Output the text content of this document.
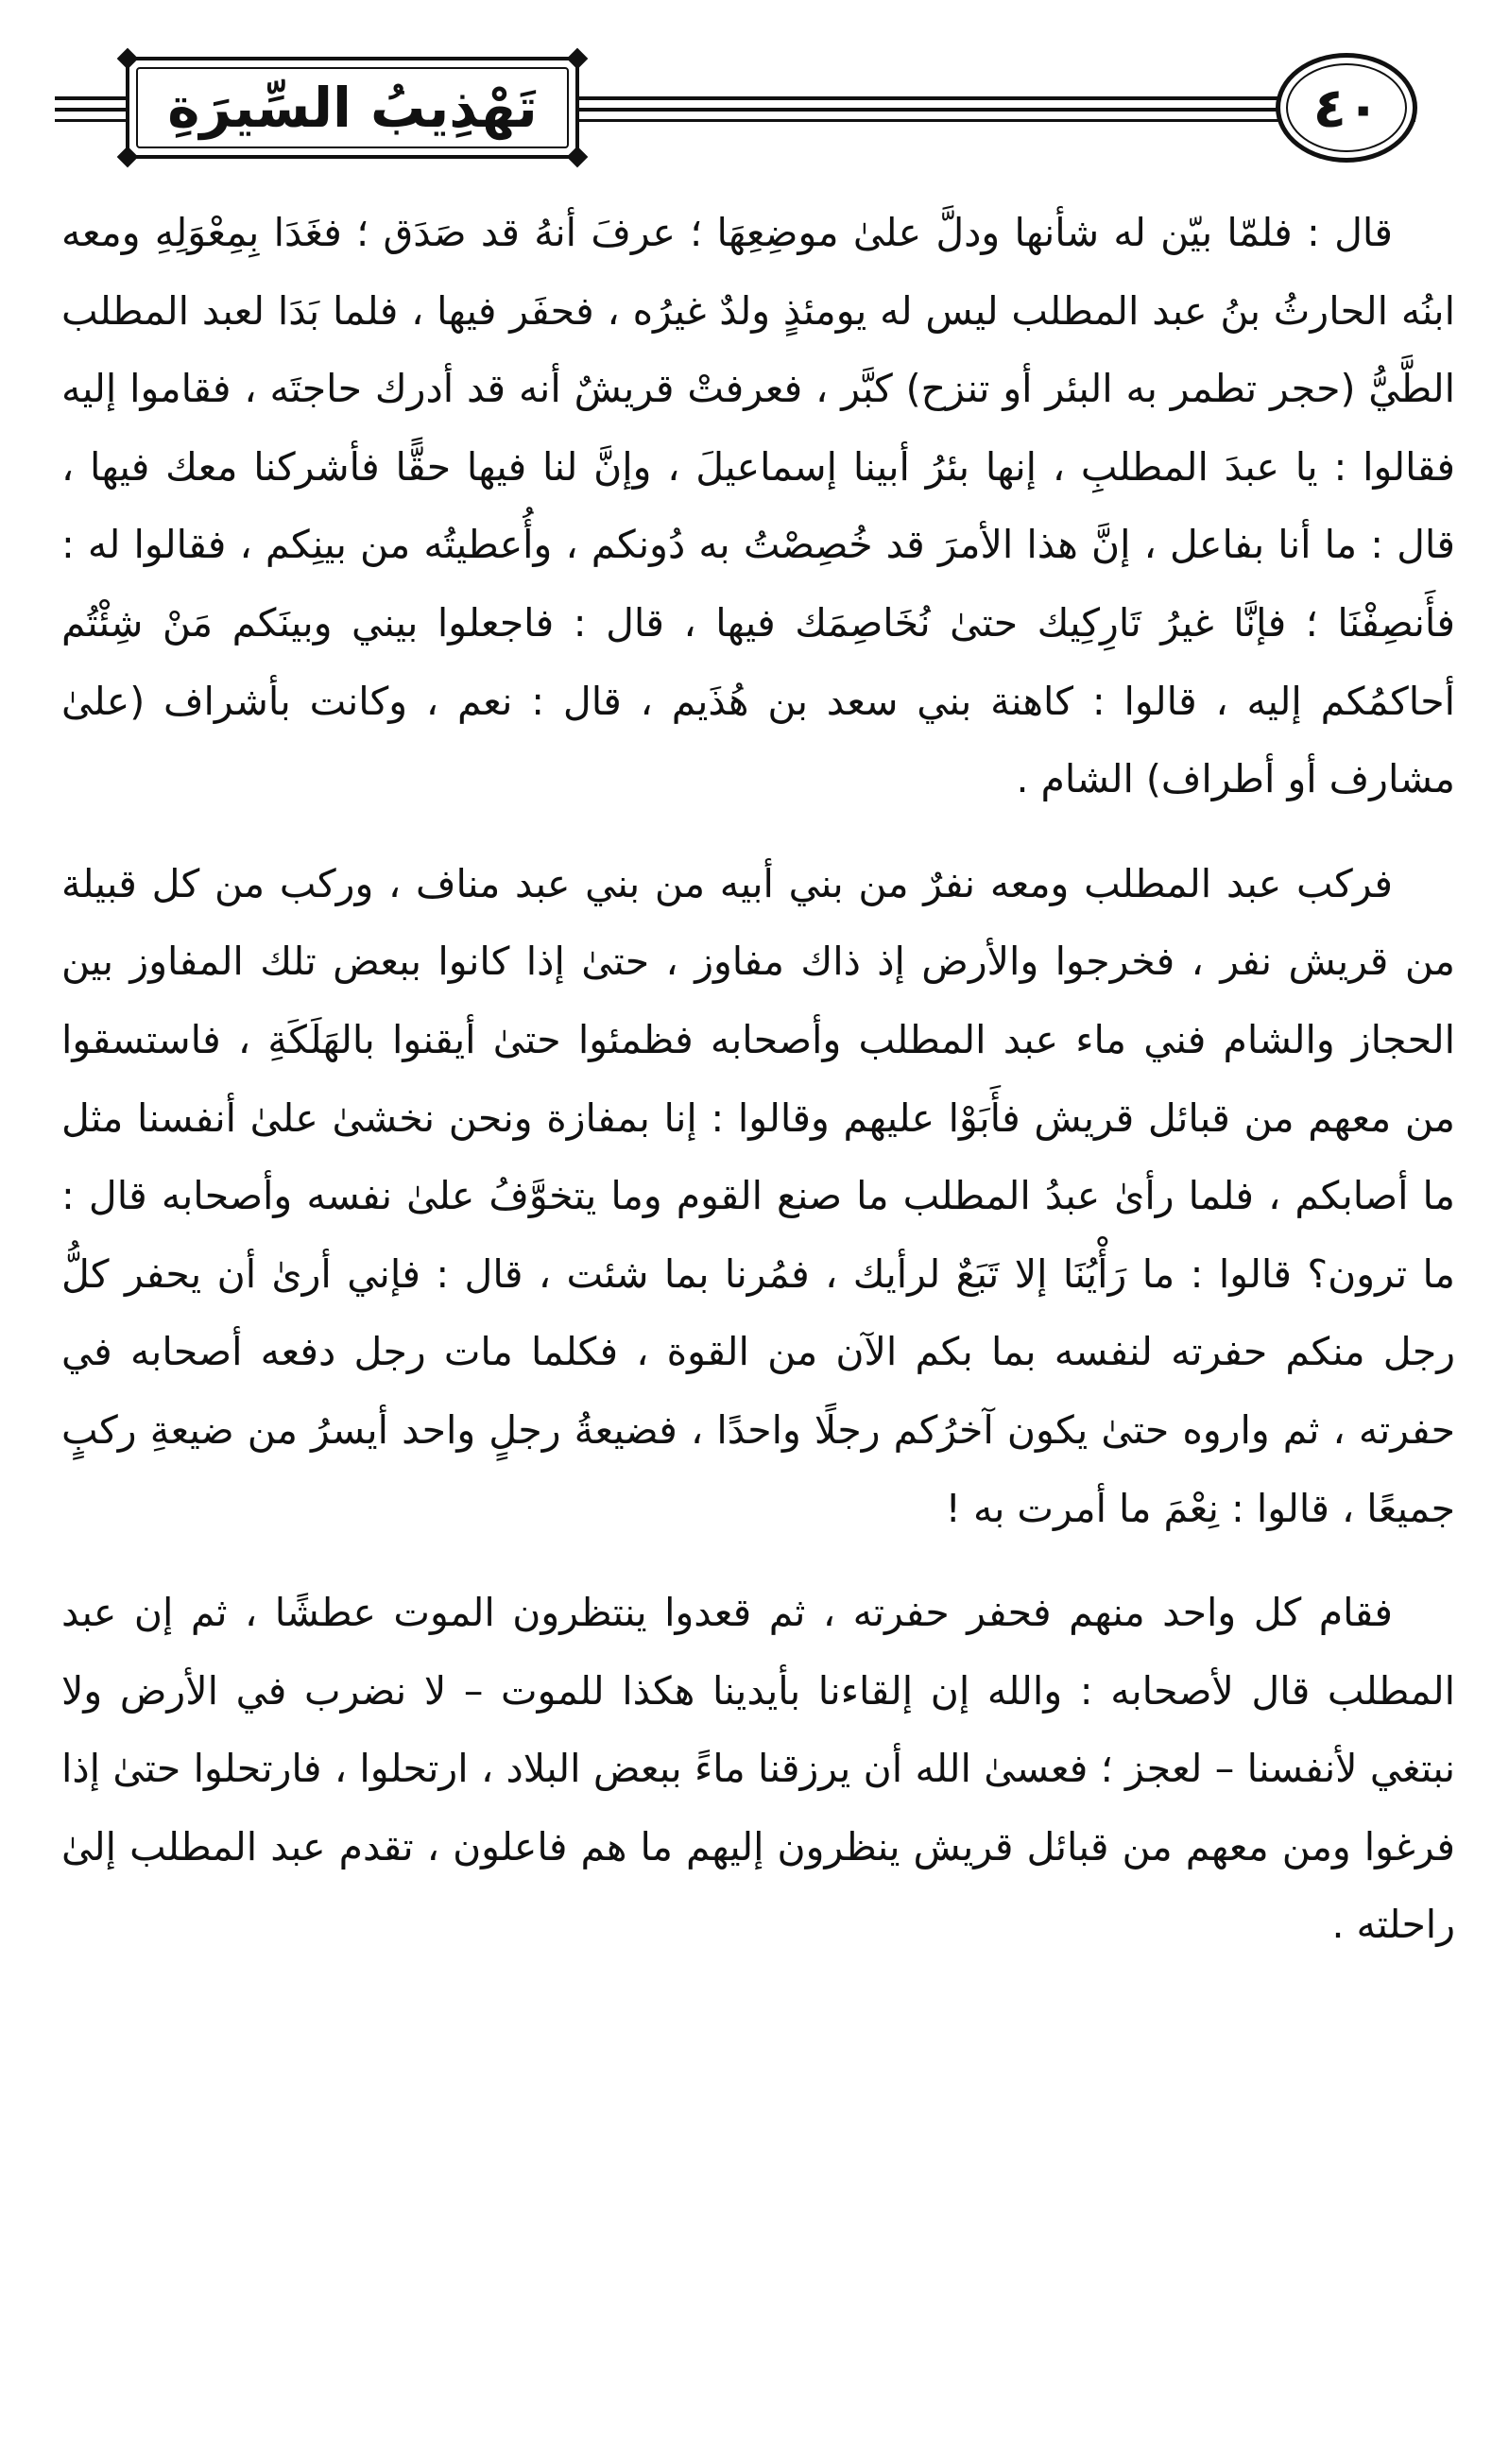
تَهْذِيبُ السِّيرَةِ	٤٠

قال : فلمّا بيّن له شأنها ودلَّ علىٰ موضِعِهَا ؛ عرفَ أنهُ قد صَدَق ؛ فغَدَا بِمِعْوَلِهِ ومعه ابنُه الحارثُ بنُ عبد المطلب ليس له يومئذٍ ولدٌ غيرُه ، فحفَر فيها ، فلما بَدَا لعبد المطلب الطَّيُّ (حجر تطمر به البئر أو تنزح) كبَّر ، فعرفتْ قريشٌ أنه قد أدرك حاجتَه ، فقاموا إليه فقالوا : يا عبدَ المطلبِ ، إنها بئرُ أبينا إسماعيلَ ، وإنَّ لنا فيها حقًّا فأشركنا معك فيها ، قال : ما أنا بفاعل ، إنَّ هذا الأمرَ قد خُصِصْتُ به دُونكم ، وأُعطيتُه من بينِكم ، فقالوا له : فأَنصِفْنَا ؛ فإنَّا غيرُ تَارِكِيك حتىٰ نُخَاصِمَك فيها ، قال : فاجعلوا بيني وبينَكم مَنْ شِئْتُم أحاكمُكم إليه ، قالوا : كاهنة بني سعد بن هُذَيم ، قال : نعم ، وكانت بأشراف (علىٰ مشارف أو أطراف) الشام .

فركب عبد المطلب ومعه نفرٌ من بني أبيه من بني عبد مناف ، وركب من كل قبيلة من قريش نفر ، فخرجوا والأرض إذ ذاك مفاوز ، حتىٰ إذا كانوا ببعض تلك المفاوز بين الحجاز والشام فني ماء عبد المطلب وأصحابه فظمئوا حتىٰ أيقنوا بالهَلَكَةِ ، فاستسقوا من معهم من قبائل قريش فأَبَوْا عليهم وقالوا : إنا بمفازة ونحن نخشىٰ علىٰ أنفسنا مثل ما أصابكم ، فلما رأىٰ عبدُ المطلب ما صنع القوم وما يتخوَّفُ علىٰ نفسه وأصحابه قال : ما ترون؟ قالوا : ما رَأْيُنَا إلا تَبَعٌ لرأيك ، فمُرنا بما شئت ، قال : فإني أرىٰ أن يحفر كلُّ رجل منكم حفرته لنفسه بما بكم الآن من القوة ، فكلما مات رجل دفعه أصحابه في حفرته ، ثم واروه حتىٰ يكون آخرُكم رجلًا واحدًا ، فضيعةُ رجلٍ واحد أيسرُ من ضيعةِ ركبٍ جميعًا ، قالوا : نِعْمَ ما أمرت به !

فقام كل واحد منهم فحفر حفرته ، ثم قعدوا ينتظرون الموت عطشًا ، ثم إن عبد المطلب قال لأصحابه : والله إن إلقاءنا بأيدينا هكذا للموت – لا نضرب في الأرض ولا نبتغي لأنفسنا – لعجز ؛ فعسىٰ الله أن يرزقنا ماءً ببعض البلاد ، ارتحلوا ، فارتحلوا حتىٰ إذا فرغوا ومن معهم من قبائل قريش ينظرون إليهم ما هم فاعلون ، تقدم عبد المطلب إلىٰ راحلته .
